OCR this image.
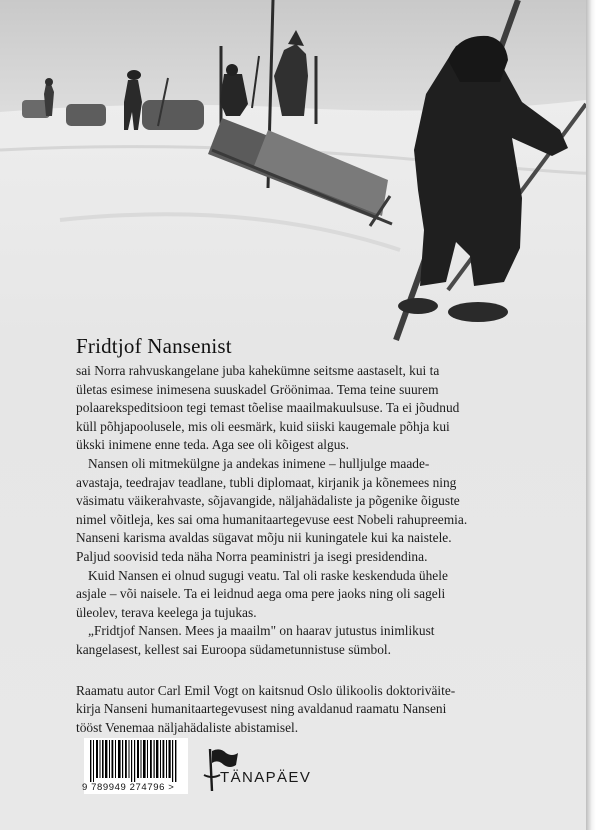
Fridtjof Nansenist

sai Norra rahvuskangelane juba kahekümne seitsme aastaselt, kui ta
ületas esimese inimesena suuskadel Gröönimaa. Tema teine suurem
polaarekspeditsioon tegi temast tõelise maailmakuulsuse. Ta ei jõudnud
küll põhjapoolusele, mis oli eesmärk, kuid siiski kaugemale põhja kui
ükski inimene enne teda. Aga see oli kõigest algus.

Nansen oli mitmekülgne ja andekas inimene – hulljulge maade-
avastaja, teedrajav teadlane, tubli diplomaat, kirjanik ja kõnemees ning
väsimatu väikerahvaste, sõjavangide, näljahädaliste ja põgenike õiguste
nimel võitleja, kes sai oma humanitaartegevuse eest Nobeli rahupreemia.
Nanseni karisma avaldas sügavat mõju nii kuningatele kui ka naistele.
Paljud soovisid teda näha Norra peaministri ja isegi presidendina.

Kuid Nansen ei olnud sugugi veatu. Tal oli raske keskenduda ühele
asjale – või naisele. Ta ei leidnud aega oma pere jaoks ning oli sageli
üleolev, terava keelega ja tujukas.

„Fridtjof Nansen. Mees ja maailm" on haarav jutustus inimlikust
kangelasest, kellest sai Euroopa südametunnistuse sümbol.

Raamatu autor Carl Emil Vogt on kaitsnud Oslo ülikoolis doktoriväite-
kirja Nanseni humanitaartegevusest ning avaldanud raamatu Nanseni
tööst Venemaa näljahädaliste abistamisel.

9 789949 274796 >
TÄNAPÄEV
